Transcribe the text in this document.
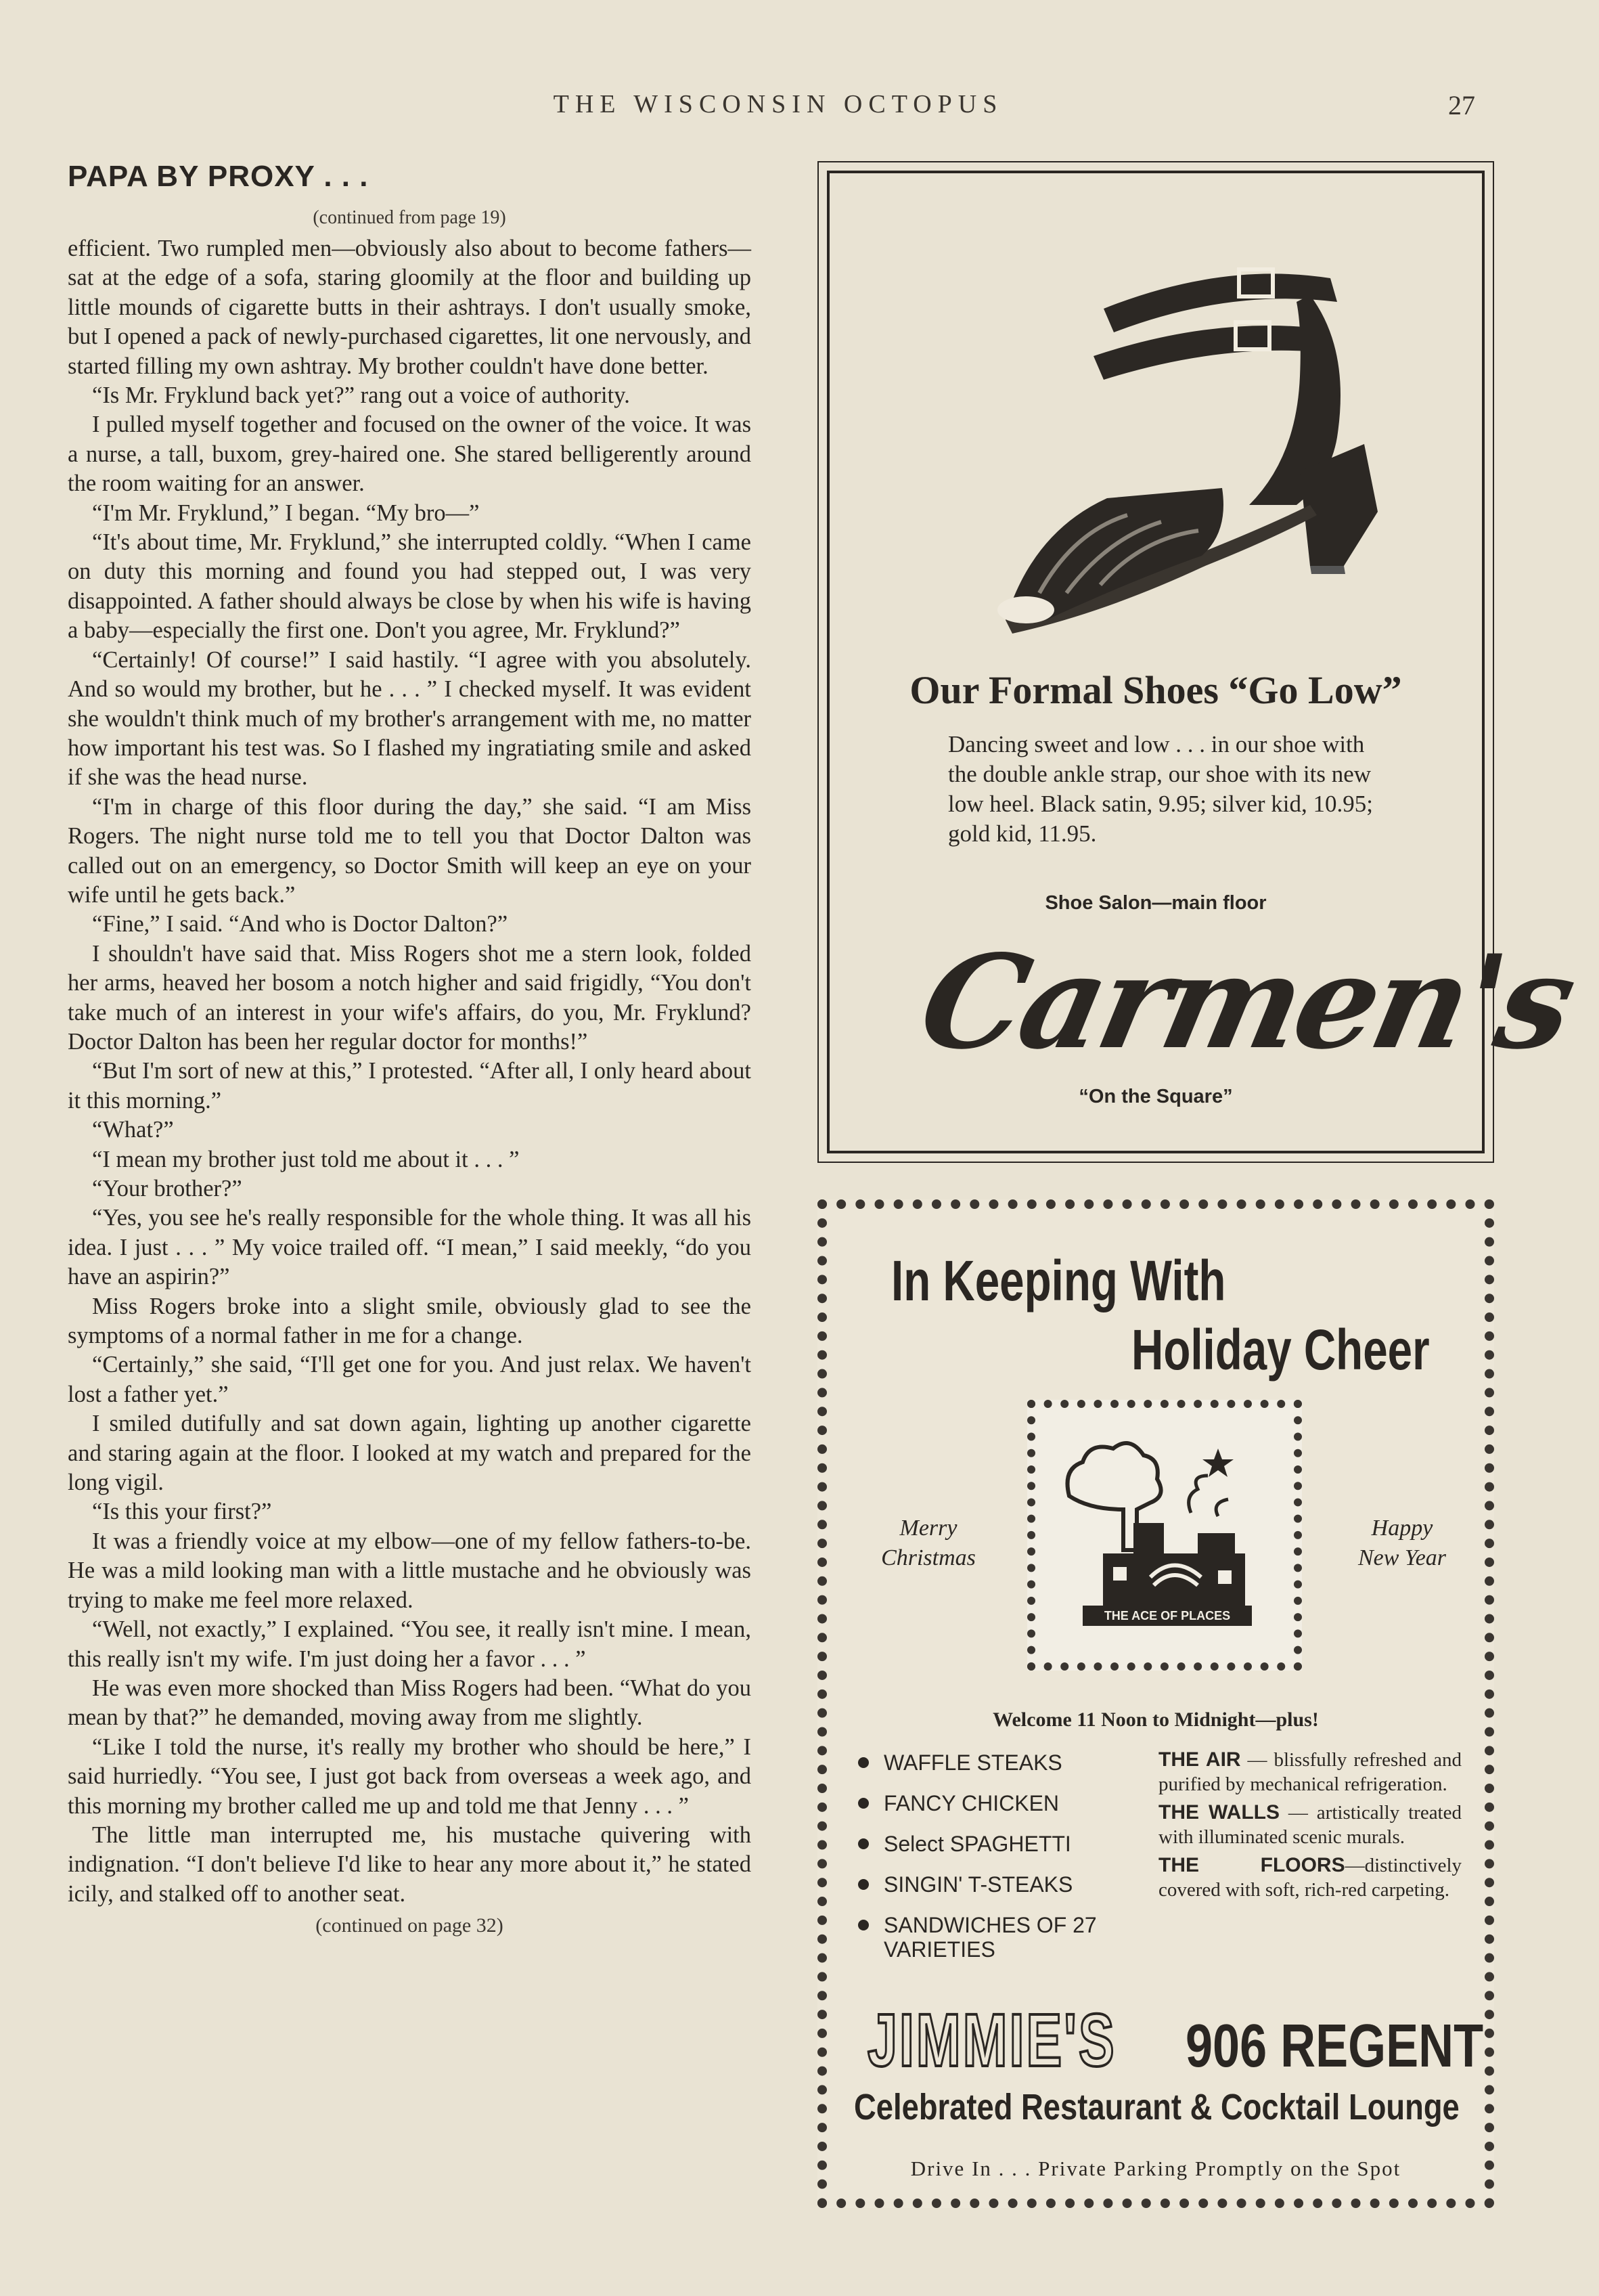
THE WISCONSIN OCTOPUS	27
PAPA BY PROXY . . .
(continued from page 19)

efficient. Two rumpled men—obviously also about to become fathers—sat at the edge of a sofa, staring gloomily at the floor and building up little mounds of cigarette butts in their ashtrays. I don't usually smoke, but I opened a pack of newly-purchased cigarettes, lit one nervously, and started filling my own ashtray. My brother couldn't have done better.

“Is Mr. Fryklund back yet?” rang out a voice of authority.

I pulled myself together and focused on the owner of the voice. It was a nurse, a tall, buxom, grey-haired one. She stared belligerently around the room waiting for an answer.

“I'm Mr. Fryklund,” I began. “My bro—”

“It's about time, Mr. Fryklund,” she interrupted coldly. “When I came on duty this morning and found you had stepped out, I was very disappointed. A father should always be close by when his wife is having a baby—especially the first one. Don't you agree, Mr. Fryklund?”

“Certainly! Of course!” I said hastily. “I agree with you absolutely. And so would my brother, but he . . . ” I checked myself. It was evident she wouldn't think much of my brother's arrangement with me, no matter how important his test was. So I flashed my ingratiating smile and asked if she was the head nurse.

“I'm in charge of this floor during the day,” she said. “I am Miss Rogers. The night nurse told me to tell you that Doctor Dalton was called out on an emergency, so Doctor Smith will keep an eye on your wife until he gets back.”

“Fine,” I said. “And who is Doctor Dalton?”

I shouldn't have said that. Miss Rogers shot me a stern look, folded her arms, heaved her bosom a notch higher and said frigidly, “You don't take much of an interest in your wife's affairs, do you, Mr. Fryklund? Doctor Dalton has been her regular doctor for months!”

“But I'm sort of new at this,” I protested. “After all, I only heard about it this morning.”

“What?”

“I mean my brother just told me about it . . . ”

“Your brother?”

“Yes, you see he's really responsible for the whole thing. It was all his idea. I just . . . ” My voice trailed off. “I mean,” I said meekly, “do you have an aspirin?”

Miss Rogers broke into a slight smile, obviously glad to see the symptoms of a normal father in me for a change.

“Certainly,” she said, “I'll get one for you. And just relax. We haven't lost a father yet.”

I smiled dutifully and sat down again, lighting up another cigarette and staring again at the floor. I looked at my watch and prepared for the long vigil.

“Is this your first?”

It was a friendly voice at my elbow—one of my fellow fathers-to-be. He was a mild looking man with a little mustache and he obviously was trying to make me feel more relaxed.

“Well, not exactly,” I explained. “You see, it really isn't mine. I mean, this really isn't my wife. I'm just doing her a favor . . . ”

He was even more shocked than Miss Rogers had been. “What do you mean by that?” he demanded, moving away from me slightly.

“Like I told the nurse, it's really my brother who should be here,” I said hurriedly. “You see, I just got back from overseas a week ago, and this morning my brother called me up and told me that Jenny . . . ”

The little man interrupted me, his mustache quivering with indignation. “I don't believe I'd like to hear any more about it,” he stated icily, and stalked off to another seat.

(continued on page 32)
Our Formal Shoes “Go Low”

Dancing sweet and low . . . in our shoe with the double ankle strap, our shoe with its new low heel. Black satin, 9.95; silver kid, 10.95; gold kid, 11.95.

Shoe Salon—main floor
Carmen's
“On the Square”
In Keeping With
Holiday Cheer
Merry
Christmas
THE ACE OF PLACES
Happy
New Year
Welcome 11 Noon to Midnight—plus!
WAFFLE STEAKS
FANCY CHICKEN
Select SPAGHETTI
SINGIN' T-STEAKS
SANDWICHES OF 27 VARIETIES
THE AIR — blissfully refreshed and purified by mechanical refrigeration.
THE WALLS — artistically treated with illuminated scenic murals.
THE FLOORS—distinctively covered with soft, rich-red carpeting.
JIMMIE'S 906 REGENT
Celebrated Restaurant & Cocktail Lounge
Drive In . . . Private Parking Promptly on the Spot
